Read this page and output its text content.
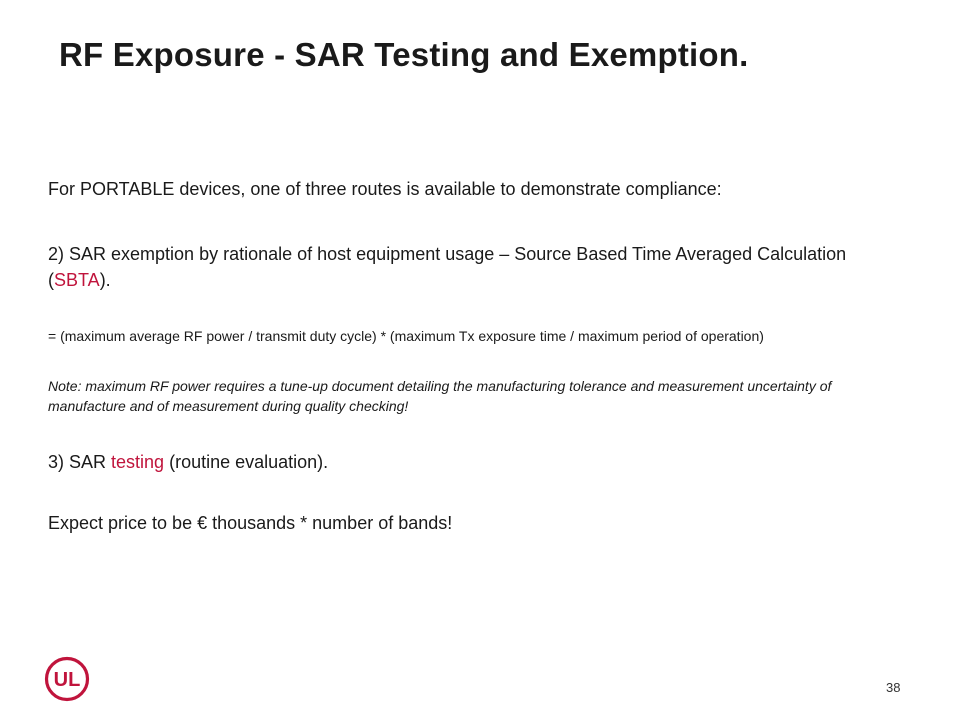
RF Exposure - SAR Testing and Exemption.

For PORTABLE devices, one of three routes is available to demonstrate compliance:

2) SAR exemption by rationale of host equipment usage – Source Based Time Averaged Calculation (SBTA).

= (maximum average RF power / transmit duty cycle) * (maximum Tx exposure time / maximum period of operation)

Note: maximum RF power requires a tune-up document detailing the manufacturing tolerance and measurement uncertainty of manufacture and of measurement during quality checking!

3) SAR testing (routine evaluation).

Expect price to be € thousands * number of bands!

UL	38
